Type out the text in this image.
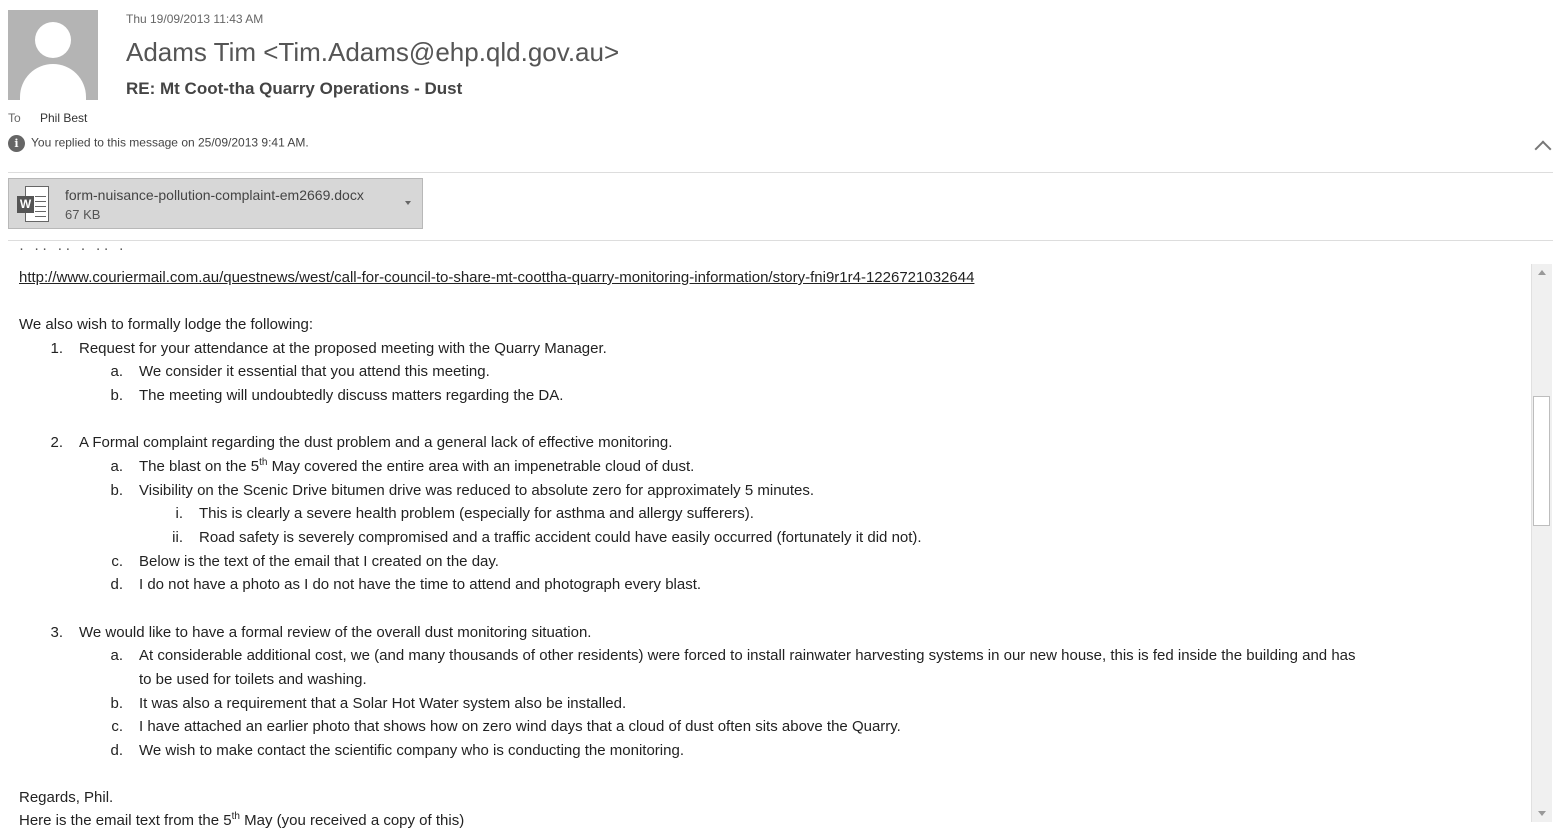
Thu 19/09/2013 11:43 AM
Adams Tim <Tim.Adams@ehp.qld.gov.au>
RE: Mt Coot-tha Quarry Operations - Dust
To Phil Best
i You replied to this message on 25/09/2013 9:41 AM.
W
form-nuisance-pollution-complaint-em2669.docx
67 KB
· ·· ·· · ·· ·
http://www.couriermail.com.au/questnews/west/call-for-council-to-share-mt-coottha-quarry-monitoring-information/story-fni9r1r4-1226721032644
We also wish to formally lodge the following:
1. Request for your attendance at the proposed meeting with the Quarry Manager.
a. We consider it essential that you attend this meeting.
b. The meeting will undoubtedly discuss matters regarding the DA.
2. A Formal complaint regarding the dust problem and a general lack of effective monitoring.
a. The blast on the 5th May covered the entire area with an impenetrable cloud of dust.
b. Visibility on the Scenic Drive bitumen drive was reduced to absolute zero for approximately 5 minutes.
i. This is clearly a severe health problem (especially for asthma and allergy sufferers).
ii. Road safety is severely compromised and a traffic accident could have easily occurred (fortunately it did not).
c. Below is the text of the email that I created on the day.
d. I do not have a photo as I do not have the time to attend and photograph every blast.
3. We would like to have a formal review of the overall dust monitoring situation.
a. At considerable additional cost, we (and many thousands of other residents) were forced to install rainwater harvesting systems in our new house, this is fed inside the building and has
to be used for toilets and washing.
b. It was also a requirement that a Solar Hot Water system also be installed.
c. I have attached an earlier photo that shows how on zero wind days that a cloud of dust often sits above the Quarry.
d. We wish to make contact the scientific company who is conducting the monitoring.
Regards, Phil.
Here is the email text from the 5th May (you received a copy of this)
